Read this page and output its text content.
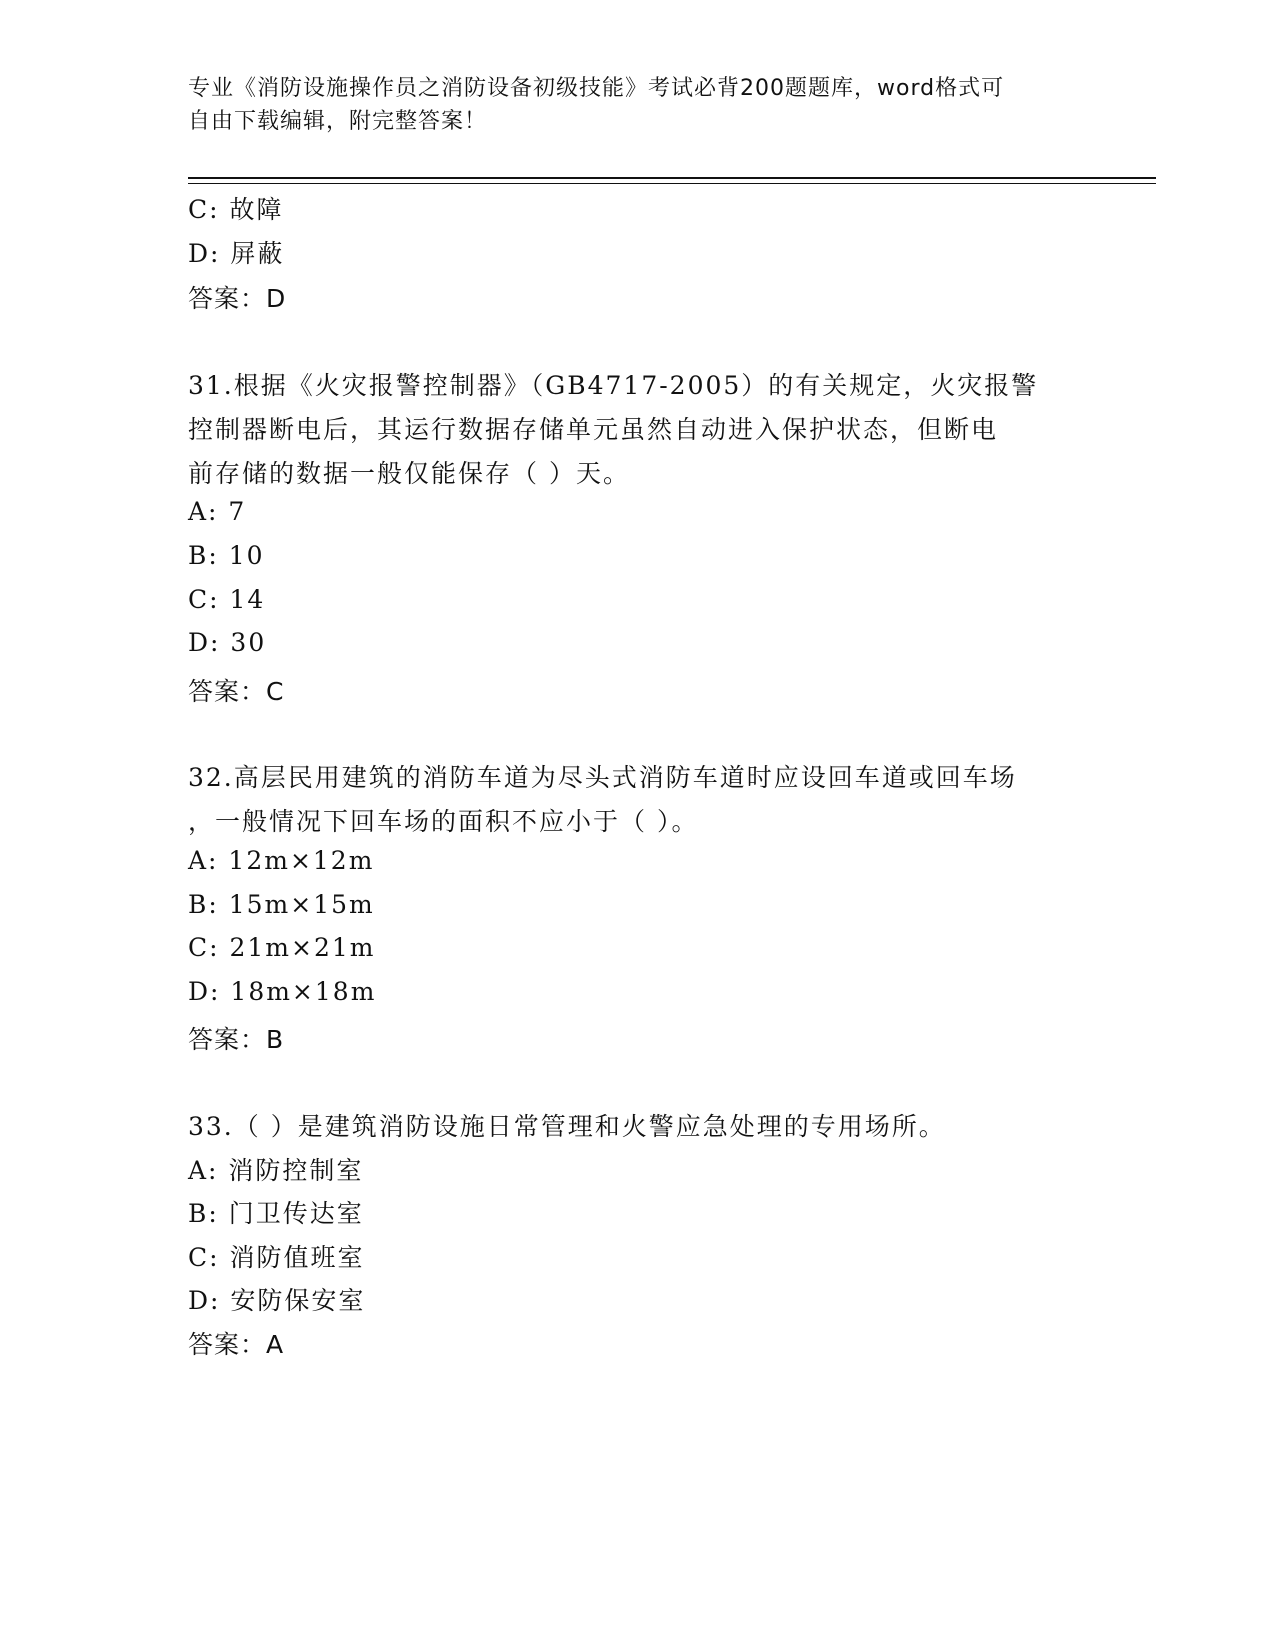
专业《消防设施操作员之消防设备初级技能》考试必背200题题库，word格式可
自由下载编辑，附完整答案！
C: 故障
D: 屏蔽
答案：D
31.根据《火灾报警控制器》（GB4717-2005）的有关规定，火灾报警
控制器断电后，其运行数据存储单元虽然自动进入保护状态，但断电
前存储的数据一般仅能保存（ ）天。
A: 7
B: 10
C: 14
D: 30
答案：C
32.高层民用建筑的消防车道为尽头式消防车道时应设回车道或回车场
，一般情况下回车场的面积不应小于（ ）。
A: 12m×12m
B: 15m×15m
C: 21m×21m
D: 18m×18m
答案：B
33.（ ）是建筑消防设施日常管理和火警应急处理的专用场所。
A: 消防控制室
B: 门卫传达室
C: 消防值班室
D: 安防保安室
答案：A
